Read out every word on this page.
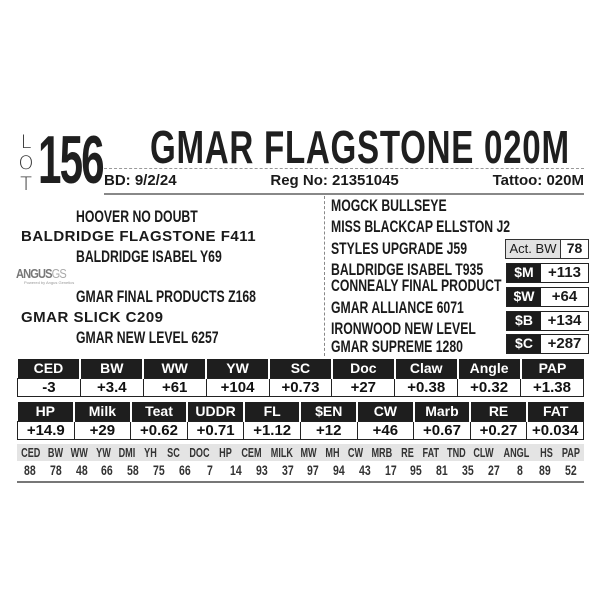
L
O
T 156 GMAR FLAGSTONE 020M
BD: 9/2/24	Reg No: 21351045	Tattoo: 020M
HOOVER NO DOUBT
BALDRIDGE FLAGSTONE F411
BALDRIDGE ISABEL Y69
ANGUSGS
Powered by Angus Genetics
GMAR FINAL PRODUCTS Z168
GMAR SLICK C209
GMAR NEW LEVEL 6257
MOGCK BULLSEYE
MISS BLACKCAP ELLSTON J2
STYLES UPGRADE J59
BALDRIDGE ISABEL T935
CONNEALY FINAL PRODUCT
GMAR ALLIANCE 6071
IRONWOOD NEW LEVEL
GMAR SUPREME 1280
Act. BW 78
$M +113
$W	+64
$B +134
$C +287
CED	BW	WW	YW	SC	Doc	Claw	Angle	PAP
-3	+3.4	+61	+104	+0.73	+27	+0.38	+0.32	+1.38
HP	Milk	Teat	UDDR	FL	$EN	CW	Marb	RE	FAT
+14.9	+29	+0.62	+0.71	+1.12	+12	+46	+0.67	+0.27	+0.034
CED BW WW YW DMI YH SC DOC HP CEM MILK MW MH CW MRB RE FAT TND CLW ANGL HS PAP
88 78 48 66 58 75 66	7	14 93 37 97 94 43 17 95 81 35 27	8	89 52
